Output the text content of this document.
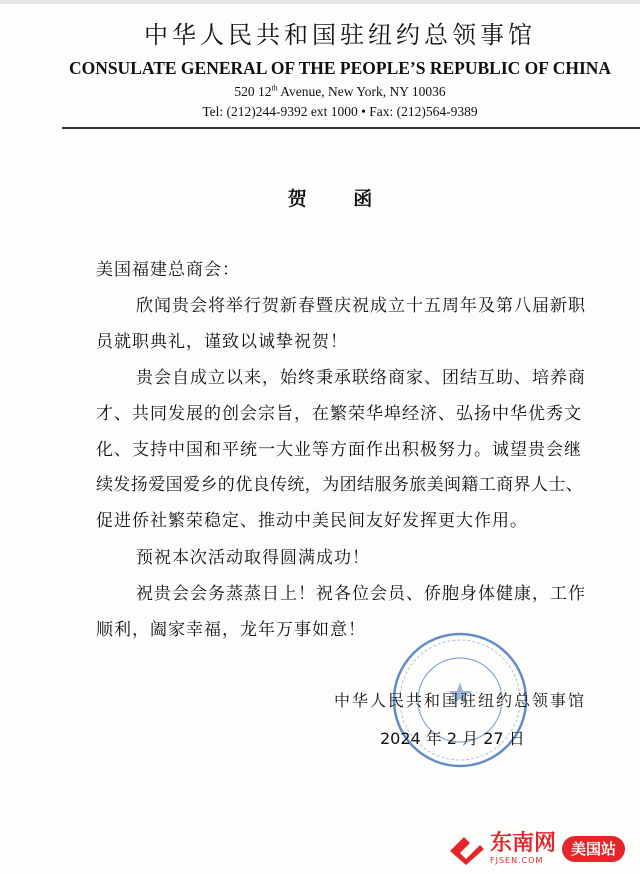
中华人民共和国驻纽约总领事馆
CONSULATE GENERAL OF THE PEOPLE’S REPUBLIC OF CHINA
520 12th Avenue, New York, NY 10036
Tel: (212)244-9392 ext 1000 • Fax: (212)564-9389
贺 函
美国福建总商会：
欣闻贵会将举行贺新春暨庆祝成立十五周年及第八届新职
员就职典礼，谨致以诚挚祝贺！
贵会自成立以来，始终秉承联络商家、团结互助、培养商
才、共同发展的创会宗旨，在繁荣华埠经济、弘扬中华优秀文
化、支持中国和平统一大业等方面作出积极努力。诚望贵会继
续发扬爱国爱乡的优良传统，为团结服务旅美闽籍工商界人士、
促进侨社繁荣稳定、推动中美民间友好发挥更大作用。
预祝本次活动取得圆满成功！
祝贵会会务蒸蒸日上！祝各位会员、侨胞身体健康，工作
顺利，阖家幸福，龙年万事如意！
中华人民共和国驻纽约总领事馆
2024 年 2 月 27 日
东南网
FJSEN.COM
美国站
